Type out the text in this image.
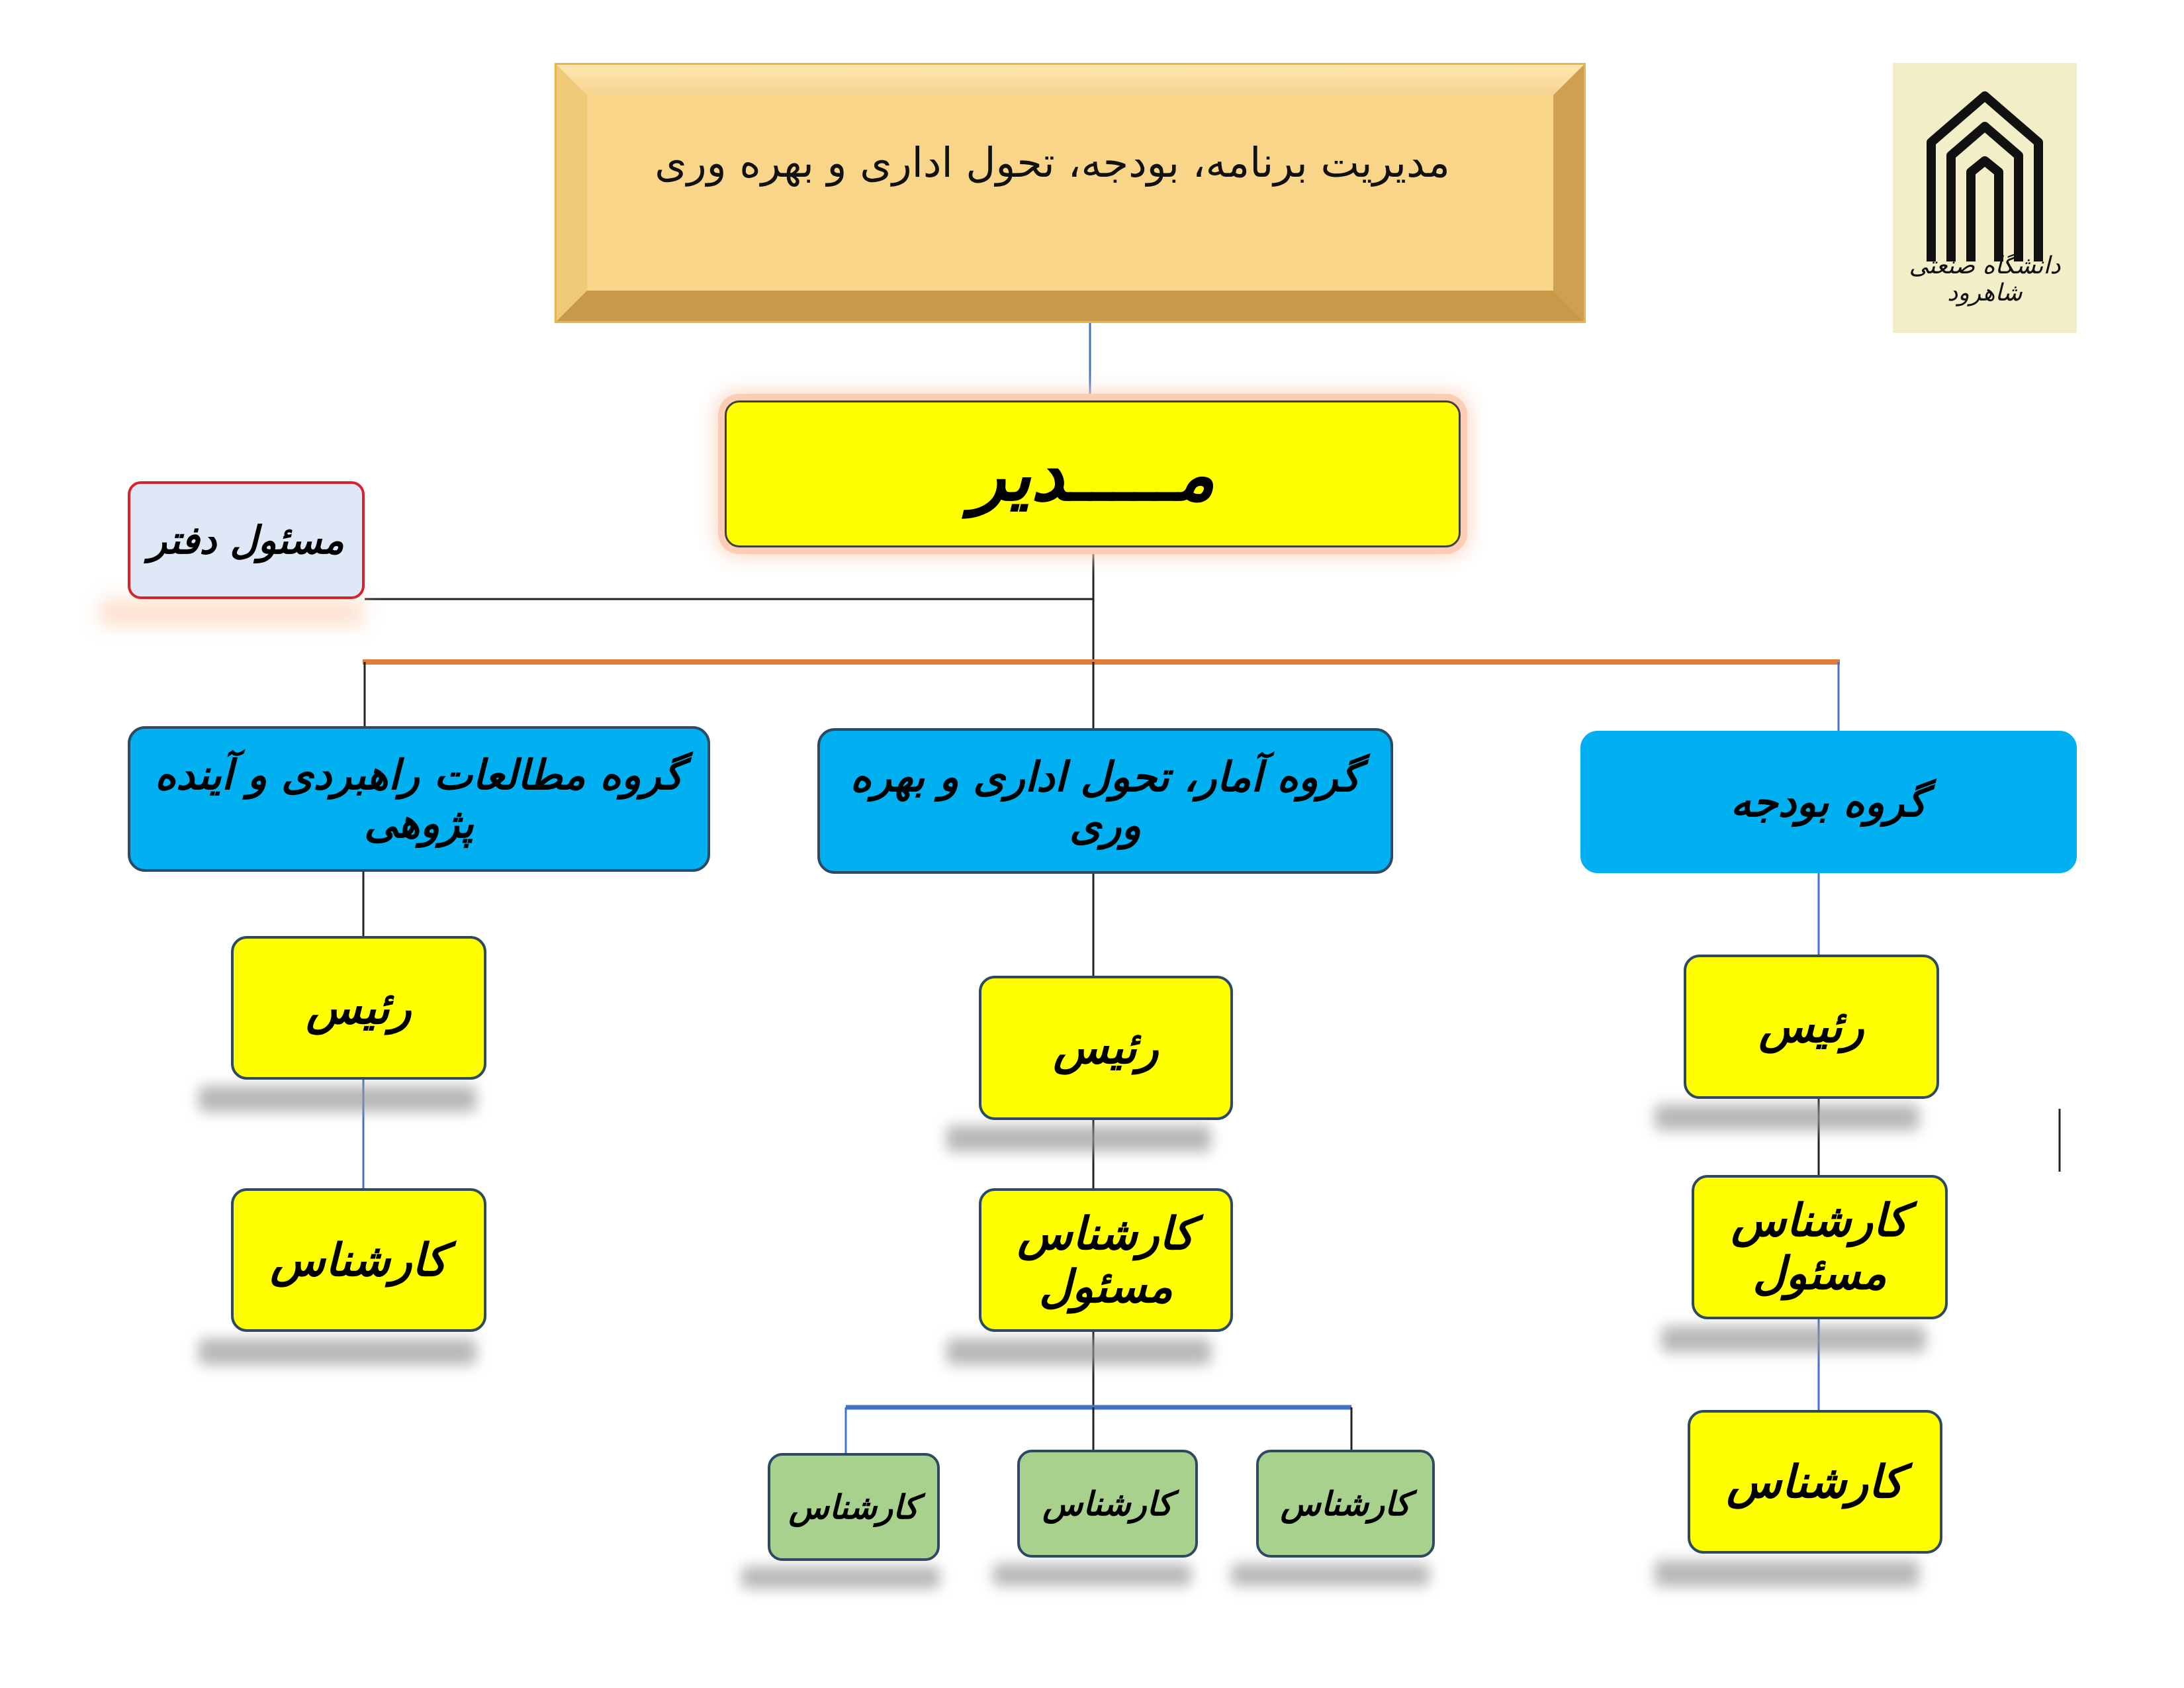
مدیریت برنامه، بودجه، تحول اداری و بهره وری
دانشگاه صنعتی شاهرود
مـــــدیر
مسئول دفتر
گروه مطالعات راهبردی و آینده پژوهی
گروه آمار، تحول اداری و بهره وری	گروه بودجه
رئیس
کارشناس
رئیس
کارشناس مسئول
کارشناس	کارشناس	کارشناس
رئیس
کارشناس مسئول
کارشناس
